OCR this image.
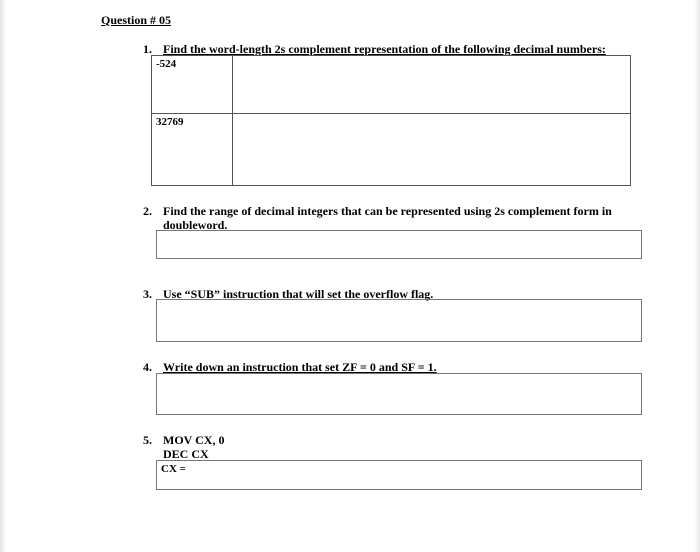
Question # 05
1. Find the word-length 2s complement representation of the following decimal numbers:
-524	
32769	
2. Find the range of decimal integers that can be represented using 2s complement form in doubleword.
3. Use “SUB” instruction that will set the overflow flag.
4. Write down an instruction that set ZF = 0 and SF = 1.
5. MOV CX, 0
DEC CX
CX =
